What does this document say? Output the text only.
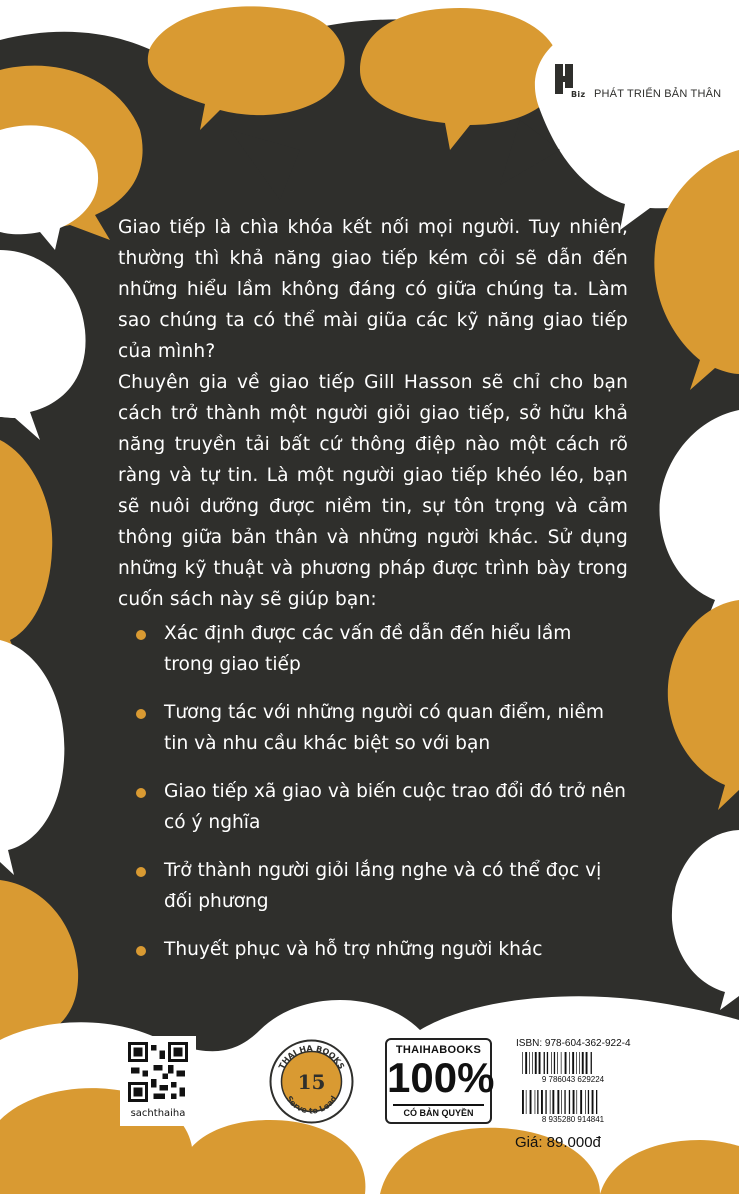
Biz PHÁT TRIỂN BẢN THÂN

Giao tiếp là chìa khóa kết nối mọi người. Tuy nhiên, thường thì khả năng giao tiếp kém cỏi sẽ dẫn đến những hiểu lầm không đáng có giữa chúng ta. Làm sao chúng ta có thể mài giũa các kỹ năng giao tiếp của mình?

Chuyên gia về giao tiếp Gill Hasson sẽ chỉ cho bạn cách trở thành một người giỏi giao tiếp, sở hữu khả năng truyền tải bất cứ thông điệp nào một cách rõ ràng và tự tin. Là một người giao tiếp khéo léo, bạn sẽ nuôi dưỡng được niềm tin, sự tôn trọng và cảm thông giữa bản thân và những người khác. Sử dụng những kỹ thuật và phương pháp được trình bày trong cuốn sách này sẽ giúp bạn:

Xác định được các vấn đề dẫn đến hiểu lầm trong giao tiếp
Tương tác với những người có quan điểm, niềm tin và nhu cầu khác biệt so với bạn
Giao tiếp xã giao và biến cuộc trao đổi đó trở nên có ý nghĩa
Trở thành người giỏi lắng nghe và có thể đọc vị đối phương
Thuyết phục và hỗ trợ những người khác
sachthaiha
THAI HA BOOKS
Serve to Lead
15
THAIHABOOKS
100%
CÓ BẢN QUYỀN
ISBN: 978-604-362-922-4
9 786043 629224
8 935280 914841
Giá: 89.000đ
